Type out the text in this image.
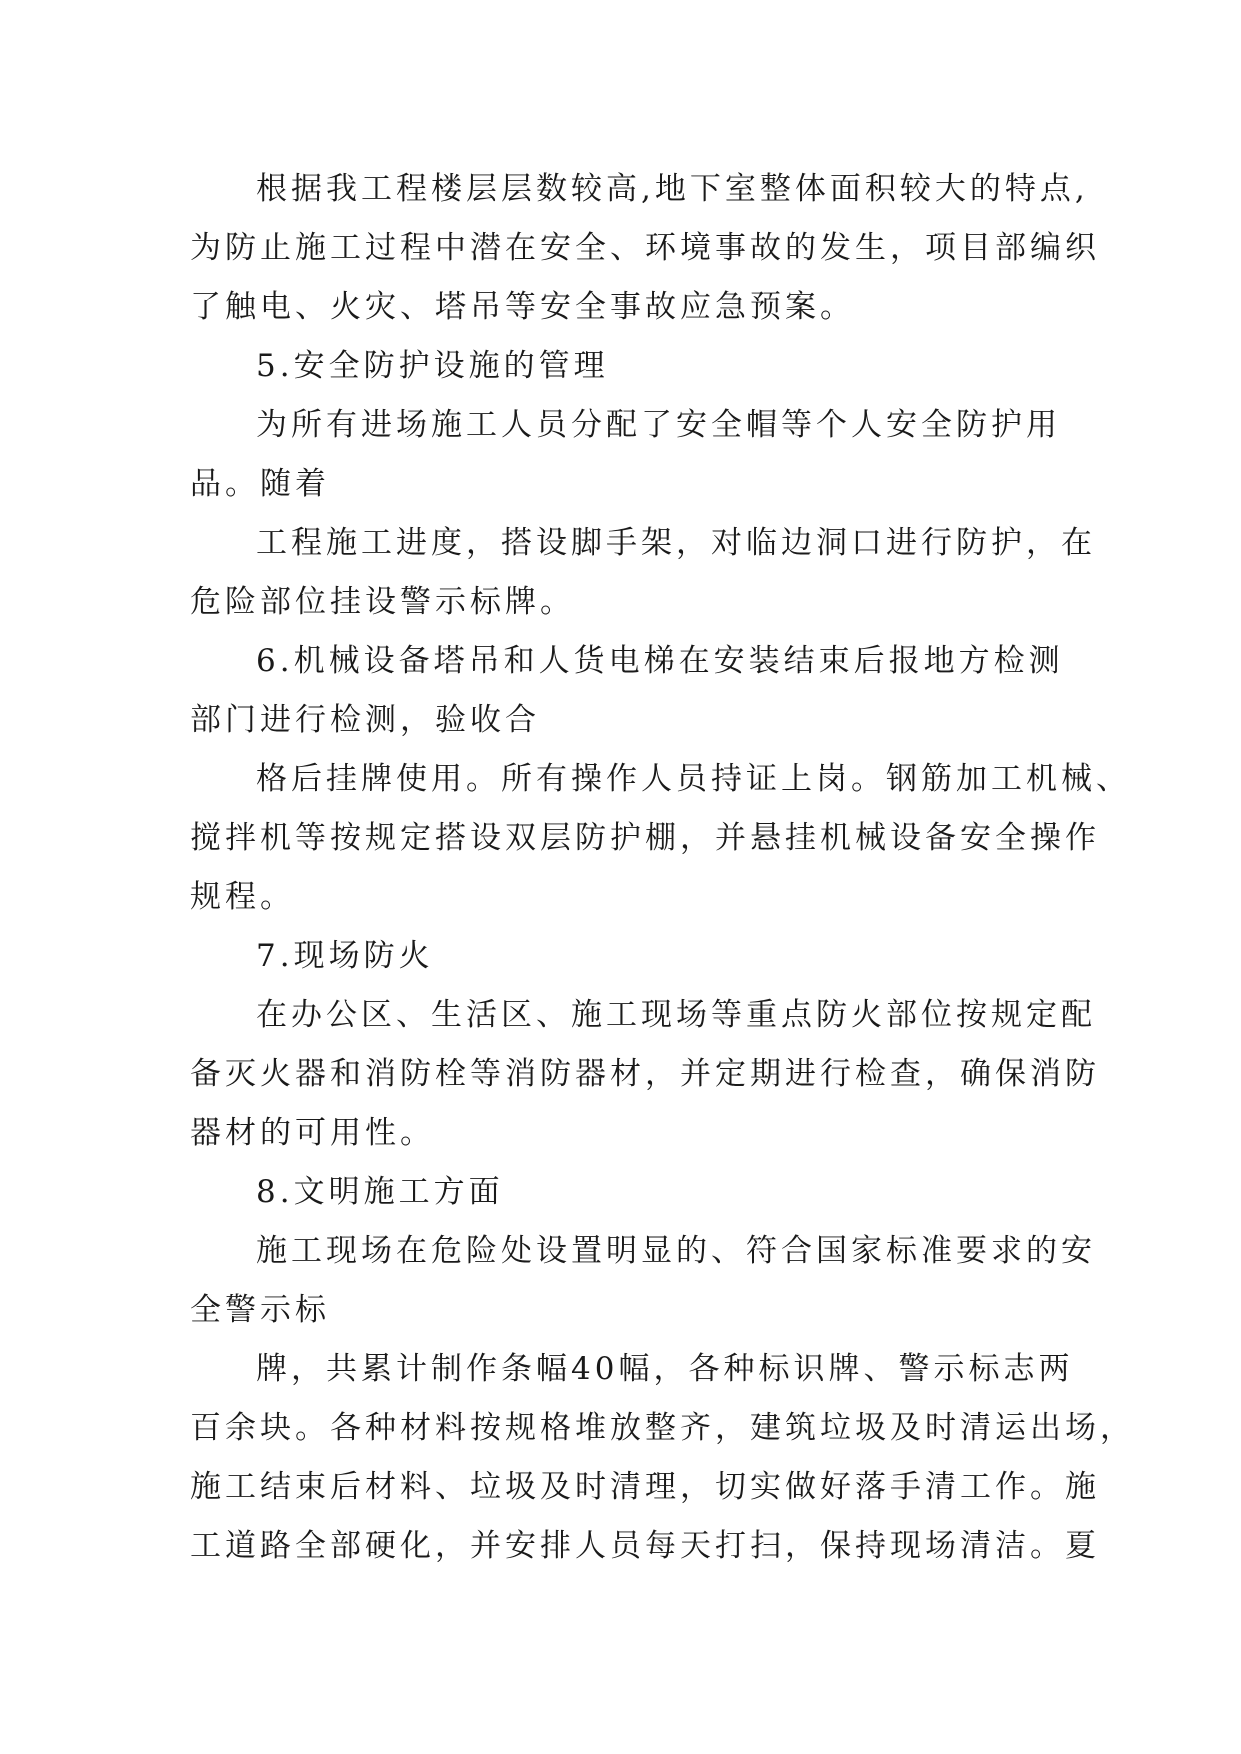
根据我工程楼层层数较高,地下室整体面积较大的特点,
为防止施工过程中潜在安全、环境事故的发生，项目部编织
了触电、火灾、塔吊等安全事故应急预案。
5.安全防护设施的管理
为所有进场施工人员分配了安全帽等个人安全防护用
品。随着
工程施工进度，搭设脚手架，对临边洞口进行防护，在
危险部位挂设警示标牌。
6.机械设备塔吊和人货电梯在安装结束后报地方检测
部门进行检测，验收合
格后挂牌使用。所有操作人员持证上岗。钢筋加工机械、
搅拌机等按规定搭设双层防护棚，并悬挂机械设备安全操作
规程。
7.现场防火
在办公区、生活区、施工现场等重点防火部位按规定配
备灭火器和消防栓等消防器材，并定期进行检查，确保消防
器材的可用性。
8.文明施工方面
施工现场在危险处设置明显的、符合国家标准要求的安
全警示标
牌，共累计制作条幅40幅，各种标识牌、警示标志两
百余块。各种材料按规格堆放整齐，建筑垃圾及时清运出场，
施工结束后材料、垃圾及时清理，切实做好落手清工作。施
工道路全部硬化，并安排人员每天打扫，保持现场清洁。夏
